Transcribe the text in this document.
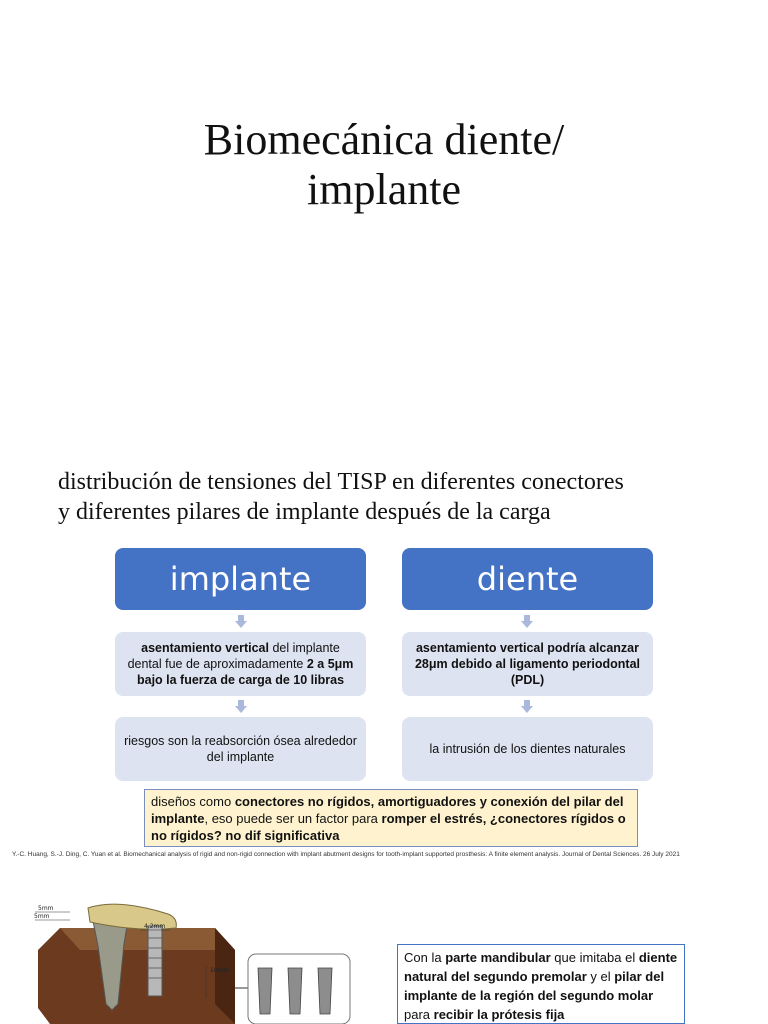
Biomecánica diente/
implante
distribución de tensiones del TISP en diferentes conectores
y diferentes pilares de implante después de la carga
implante
asentamiento vertical del implante dental fue de aproximadamente 2 a 5μm bajo la fuerza de carga de 10 libras
riesgos son la reabsorción ósea alrededor del implante
diente
asentamiento vertical podría alcanzar 28μm debido al ligamento periodontal (PDL)
la intrusión de los dientes naturales
diseños como conectores no rígidos, amortiguadores y conexión del pilar del implante, eso puede ser un factor para romper el estrés, ¿conectores rígidos o no rígidos? no dif significativa
Y.-C. Huang, S.-J. Ding, C. Yuan et al. Biomechanical analysis of rigid and non-rigid connection with implant abutment designs for tooth-implant supported prosthesis: A finite element analysis. Journal of Dental Sciences. 26 July 2021
5mm
5mm
4.2mm
10mm
Con la parte mandibular que imitaba el diente natural del segundo premolar y el pilar del implante de la región del segundo molar para recibir la prótesis fija
